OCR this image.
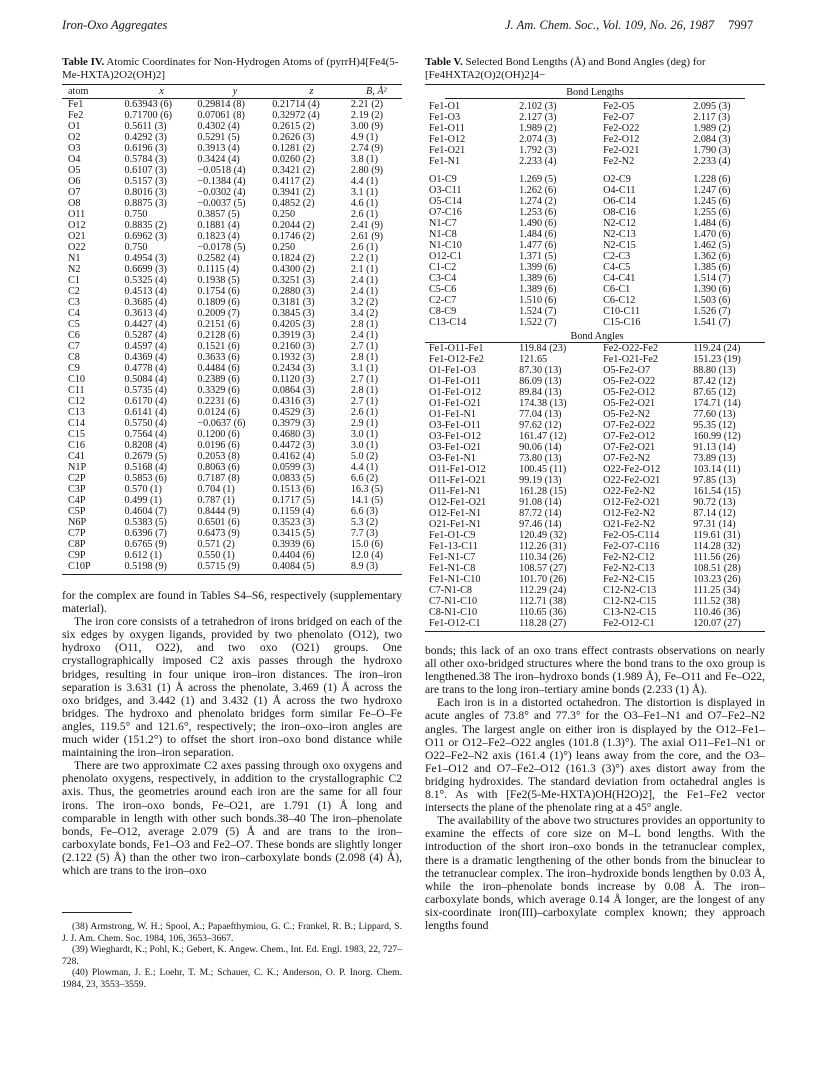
Iron-Oxo Aggregates	J. Am. Chem. Soc., Vol. 109, No. 26, 1987 7997
Table IV. Atomic Coordinates for Non-Hydrogen Atoms of (pyrrH)4[Fe4(5-Me-HXTA)2O2(OH)2]
atom	x	y	z	B, Å²
Fe1	0.63943 (6)	0.29814 (8)	0.21714 (4)	2.21 (2)
Fe2	0.71700 (6)	0.07061 (8)	0.32972 (4)	2.19 (2)
O1	0.5611 (3)	0.4302 (4)	0.2615 (2)	3.00 (9)
O2	0.4292 (3)	0.5291 (5)	0.2626 (3)	4.9 (1)
O3	0.6196 (3)	0.3913 (4)	0.1281 (2)	2.74 (9)
O4	0.5784 (3)	0.3424 (4)	0.0260 (2)	3.8 (1)
O5	0.6107 (3)	−0.0518 (4)	0.3421 (2)	2.80 (9)
O6	0.5157 (3)	−0.1384 (4)	0.4117 (2)	4.4 (1)
O7	0.8016 (3)	−0.0302 (4)	0.3941 (2)	3.1 (1)
O8	0.8875 (3)	−0.0037 (5)	0.4852 (2)	4.6 (1)
O11	0.750	0.3857 (5)	0.250	2.6 (1)
O12	0.8835 (2)	0.1881 (4)	0.2044 (2)	2.41 (9)
O21	0.6962 (3)	0.1823 (4)	0.1746 (2)	2.61 (9)
O22	0.750	−0.0178 (5)	0.250	2.6 (1)
N1	0.4954 (3)	0.2582 (4)	0.1824 (2)	2.2 (1)
N2	0.6699 (3)	0.1115 (4)	0.4300 (2)	2.1 (1)
C1	0.5325 (4)	0.1938 (5)	0.3251 (3)	2.4 (1)
C2	0.4513 (4)	0.1754 (6)	0.2880 (3)	2.4 (1)
C3	0.3685 (4)	0.1809 (6)	0.3181 (3)	3.2 (2)
C4	0.3613 (4)	0.2009 (7)	0.3845 (3)	3.4 (2)
C5	0.4427 (4)	0.2151 (6)	0.4205 (3)	2.8 (1)
C6	0.5287 (4)	0.2128 (6)	0.3919 (3)	2.4 (1)
C7	0.4597 (4)	0.1521 (6)	0.2160 (3)	2.7 (1)
C8	0.4369 (4)	0.3633 (6)	0.1932 (3)	2.8 (1)
C9	0.4778 (4)	0.4484 (6)	0.2434 (3)	3.1 (1)
C10	0.5084 (4)	0.2389 (6)	0.1120 (3)	2.7 (1)
C11	0.5735 (4)	0.3329 (6)	0.0864 (3)	2.8 (1)
C12	0.6170 (4)	0.2231 (6)	0.4316 (3)	2.7 (1)
C13	0.6141 (4)	0.0124 (6)	0.4529 (3)	2.6 (1)
C14	0.5750 (4)	−0.0637 (6)	0.3979 (3)	2.9 (1)
C15	0.7564 (4)	0.1200 (6)	0.4680 (3)	3.0 (1)
C16	0.8208 (4)	0.0196 (6)	0.4472 (3)	3.0 (1)
C41	0.2679 (5)	0.2053 (8)	0.4162 (4)	5.0 (2)
N1P	0.5168 (4)	0.8063 (6)	0.0599 (3)	4.4 (1)
C2P	0.5853 (6)	0.7187 (8)	0.0833 (5)	6.6 (2)
C3P	0.570 (1)	0.704 (1)	0.1513 (6)	16.3 (5)
C4P	0.499 (1)	0.787 (1)	0.1717 (5)	14.1 (5)
C5P	0.4604 (7)	0.8444 (9)	0.1159 (4)	6.6 (3)
N6P	0.5383 (5)	0.6501 (6)	0.3523 (3)	5.3 (2)
C7P	0.6396 (7)	0.6473 (9)	0.3415 (5)	7.7 (3)
C8P	0.6765 (9)	0.571 (2)	0.3939 (6)	15.0 (6)
C9P	0.612 (1)	0.550 (1)	0.4404 (6)	12.0 (4)
C10P	0.5198 (9)	0.5715 (9)	0.4084 (5)	8.9 (3)

for the complex are found in Tables S4–S6, respectively (supplementary material).

The iron core consists of a tetrahedron of irons bridged on each of the six edges by oxygen ligands, provided by two phenolato (O12), two hydroxo (O11, O22), and two oxo (O21) groups. One crystallographically imposed C2 axis passes through the hydroxo bridges, resulting in four unique iron–iron distances. The iron–iron separation is 3.631 (1) Å across the phenolate, 3.469 (1) Å across the oxo bridges, and 3.442 (1) and 3.432 (1) Å across the two hydroxo bridges. The hydroxo and phenolato bridges form similar Fe–O–Fe angles, 119.5° and 121.6°, respectively; the iron–oxo–iron angles are much wider (151.2°) to offset the short iron–oxo bond distance while maintaining the iron–iron separation.

There are two approximate C2 axes passing through oxo oxygens and phenolato oxygens, respectively, in addition to the crystallographic C2 axis. Thus, the geometries around each iron are the same for all four irons. The iron–oxo bonds, Fe–O21, are 1.791 (1) Å long and comparable in length with other such bonds.38–40 The iron–phenolate bonds, Fe–O12, average 2.079 (5) Å and are trans to the iron–carboxylate bonds, Fe1–O3 and Fe2–O7. These bonds are slightly longer (2.122 (5) Å) than the other two iron–carboxylate bonds (2.098 (4) Å), which are trans to the iron–oxo

(38) Armstrong, W. H.; Spool, A.; Papaefthymiou, G. C.; Frankel, R. B.; Lippard, S. J. J. Am. Chem. Soc. 1984, 106, 3653–3667.
(39) Wieghardt, K.; Pohl, K.; Gebert, K. Angew. Chem., Int. Ed. Engl. 1983, 22, 727–728.
(40) Plowman, J. E.; Loehr, T. M.; Schauer, C. K.; Anderson, O. P. Inorg. Chem. 1984, 23, 3553–3559.
Table V. Selected Bond Lengths (Å) and Bond Angles (deg) for [Fe4HXTA2(O)2(OH)2]4−
Bond Lengths
Fe1-O1	2.102 (3)	Fe2-O5	2.095 (3)
Fe1-O3	2.127 (3)	Fe2-O7	2.117 (3)
Fe1-O11	1.989 (2)	Fe2-O22	1.989 (2)
Fe1-O12	2.074 (3)	Fe2-O12	2.084 (3)
Fe1-O21	1.792 (3)	Fe2-O21	1.790 (3)
Fe1-N1	2.233 (4)	Fe2-N2	2.233 (4)

O1-C9	1.269 (5)	O2-C9	1.228 (6)
O3-C11	1.262 (6)	O4-C11	1.247 (6)
O5-C14	1.274 (2)	O6-C14	1.245 (6)
O7-C16	1.253 (6)	O8-C16	1.255 (6)
N1-C7	1.490 (6)	N2-C12	1.484 (6)
N1-C8	1.484 (6)	N2-C13	1.470 (6)
N1-C10	1.477 (6)	N2-C15	1.462 (5)
O12-C1	1.371 (5)	C2-C3	1.362 (6)
C1-C2	1.399 (6)	C4-C5	1.385 (6)
C3-C4	1.389 (6)	C4-C41	1.514 (7)
C5-C6	1.389 (6)	C6-C1	1.390 (6)
C2-C7	1.510 (6)	C6-C12	1.503 (6)
C8-C9	1.524 (7)	C10-C11	1.526 (7)
C13-C14	1.522 (7)	C15-C16	1.541 (7)
Bond Angles			
Fe1-O11-Fe1	119.84 (23)	Fe2-O22-Fe2	119.24 (24)
Fe1-O12-Fe2	121.65	Fe1-O21-Fe2	151.23 (19)
O1-Fe1-O3	87.30 (13)	O5-Fe2-O7	88.80 (13)
O1-Fe1-O11	86.09 (13)	O5-Fe2-O22	87.42 (12)
O1-Fe1-O12	89.84 (13)	O5-Fe2-O12	87.65 (12)
O1-Fe1-O21	174.38 (13)	O5-Fe2-O21	174.71 (14)
O1-Fe1-N1	77.04 (13)	O5-Fe2-N2	77.60 (13)
O3-Fe1-O11	97.62 (12)	O7-Fe2-O22	95.35 (12)
O3-Fe1-O12	161.47 (12)	O7-Fe2-O12	160.99 (12)
O3-Fe1-O21	90.06 (14)	O7-Fe2-O21	91.13 (14)
O3-Fe1-N1	73.80 (13)	O7-Fe2-N2	73.89 (13)
O11-Fe1-O12	100.45 (11)	O22-Fe2-O12	103.14 (11)
O11-Fe1-O21	99.19 (13)	O22-Fe2-O21	97.85 (13)
O11-Fe1-N1	161.28 (15)	O22-Fe2-N2	161.54 (15)
O12-Fe1-O21	91.08 (14)	O12-Fe2-O21	90.72 (13)
O12-Fe1-N1	87.72 (14)	O12-Fe2-N2	87.14 (12)
O21-Fe1-N1	97.46 (14)	O21-Fe2-N2	97.31 (14)
Fe1-O1-C9	120.49 (32)	Fe2-O5-C114	119.61 (31)
Fe1-13-C11	112.26 (31)	Fe2-O7-C116	114.28 (32)
Fe1-N1-C7	110.34 (26)	Fe2-N2-C12	111.56 (26)
Fe1-N1-C8	108.57 (27)	Fe2-N2-C13	108.51 (28)
Fe1-N1-C10	101.70 (26)	Fe2-N2-C15	103.23 (26)
C7-N1-C8	112.29 (24)	C12-N2-C13	111.25 (34)
C7-N1-C10	112.71 (38)	C12-N2-C15	111.52 (38)
C8-N1-C10	110.65 (36)	C13-N2-C15	110.46 (36)
Fe1-O12-C1	118.28 (27)	Fe2-O12-C1	120.07 (27)

bonds; this lack of an oxo trans effect contrasts observations on nearly all other oxo-bridged structures where the bond trans to the oxo group is lengthened.38 The iron–hydroxo bonds (1.989 Å), Fe–O11 and Fe–O22, are trans to the long iron–tertiary amine bonds (2.233 (1) Å).

Each iron is in a distorted octahedron. The distortion is displayed in acute angles of 73.8° and 77.3° for the O3–Fe1–N1 and O7–Fe2–N2 angles. The largest angle on either iron is displayed by the O12–Fe1–O11 or O12–Fe2–O22 angles (101.8 (1.3)°). The axial O11–Fe1–N1 or O22–Fe2–N2 axis (161.4 (1)°) leans away from the core, and the O3–Fe1–O12 and O7–Fe2–O12 (161.3 (3)°) axes distort away from the bridging hydroxides. The standard deviation from octahedral angles is 8.1°. As with [Fe2(5-Me-HXTA)OH(H2O)2], the Fe1–Fe2 vector intersects the plane of the phenolate ring at a 45° angle.

The availability of the above two structures provides an opportunity to examine the effects of core size on M–L bond lengths. With the introduction of the short iron–oxo bonds in the tetranuclear complex, there is a dramatic lengthening of the other bonds from the binuclear to the tetranuclear complex. The iron–hydroxide bonds lengthen by 0.03 Å, while the iron–phenolate bonds increase by 0.08 Å. The iron–carboxylate bonds, which average 0.14 Å longer, are the longest of any six-coordinate iron(III)–carboxylate complex known; they approach lengths found
